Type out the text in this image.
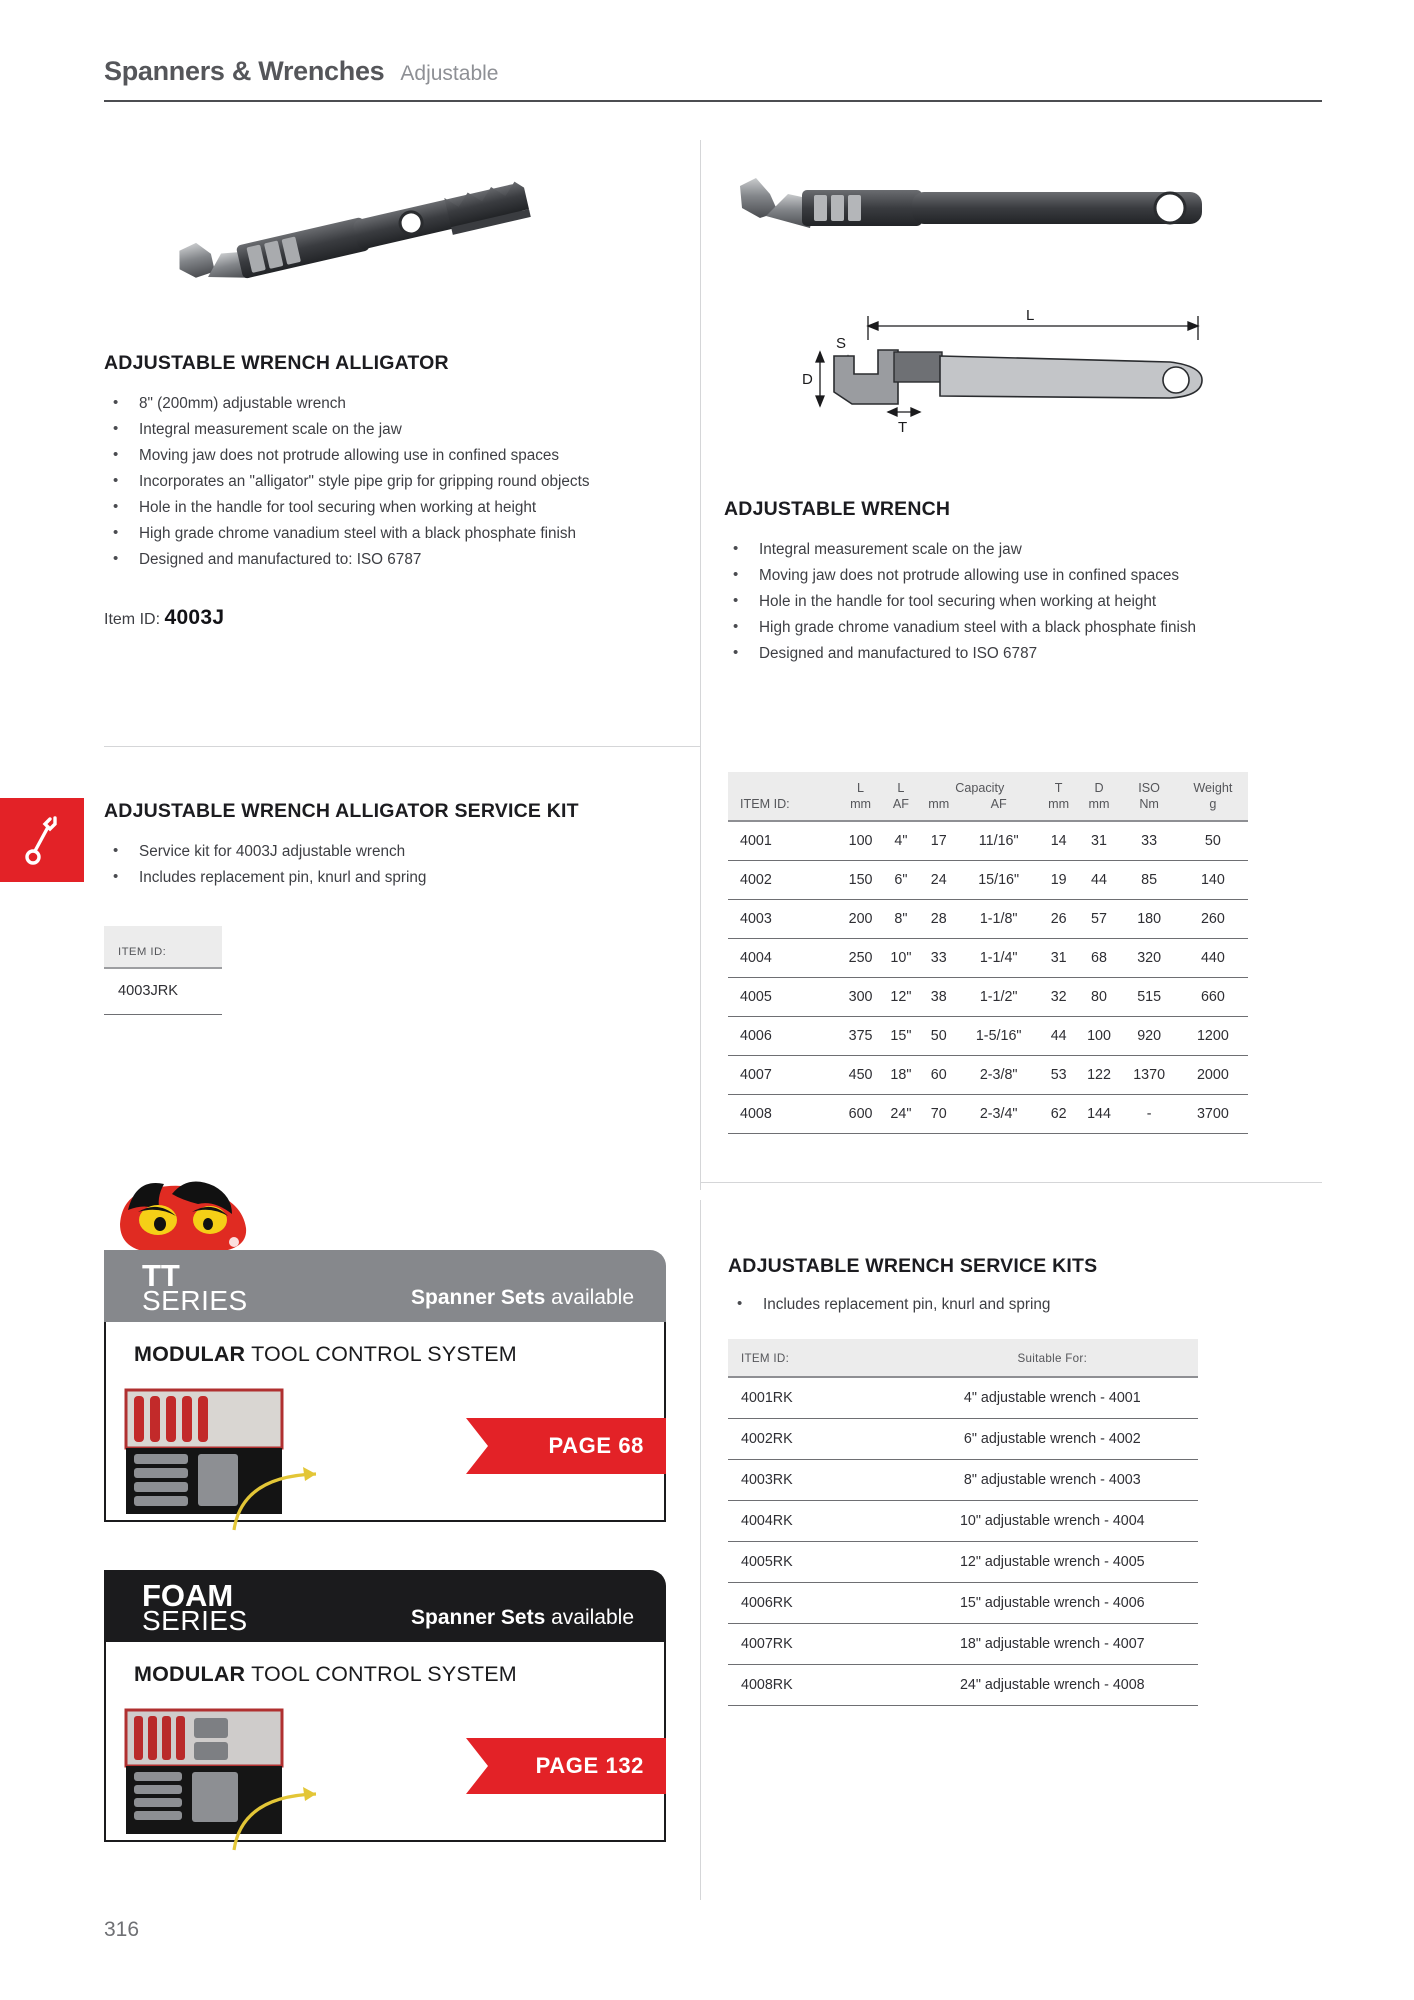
Spanners & Wrenches Adjustable
L
D
S
T
ADJUSTABLE WRENCH ALLIGATOR
• 8" (200mm) adjustable wrench
• Integral measurement scale on the jaw
• Moving jaw does not protrude allowing use in confined spaces
• Incorporates an "alligator" style pipe grip for gripping round objects
• Hole in the handle for tool securing when working at height
• High grade chrome vanadium steel with a black phosphate finish
• Designed and manufactured to: ISO 6787
Item ID: 4003J
ADJUSTABLE WRENCH ALLIGATOR SERVICE KIT
• Service kit for 4003J adjustable wrench
• Includes replacement pin, knurl and spring
ITEM ID:
4003JRK
ADJUSTABLE WRENCH
• Integral measurement scale on the jaw
• Moving jaw does not protrude allowing use in confined spaces
• Hole in the handle for tool securing when working at height
• High grade chrome vanadium steel with a black phosphate finish
• Designed and manufactured to ISO 6787
	L	L	Capacity		T	D	ISO	Weight
ITEM ID:	mm	AF	mm	AF	mm	mm	Nm	g
4001	100	4"	17	11/16"	14	31	33	50
4002	150	6"	24	15/16"	19	44	85	140
4003	200	8"	28	1-1/8"	26	57	180	260
4004	250	10"	33	1-1/4"	31	68	320	440
4005	300	12"	38	1-1/2"	32	80	515	660
4006	375	15"	50	1-5/16"	44	100	920	1200
4007	450	18"	60	2-3/8"	53	122	1370	2000
4008	600	24"	70	2-3/4"	62	144	-	3700
ADJUSTABLE WRENCH SERVICE KITS
• Includes replacement pin, knurl and spring
ITEM ID:	Suitable For:
4001RK	4" adjustable wrench - 4001
4002RK	6" adjustable wrench - 4002
4003RK	8" adjustable wrench - 4003
4004RK	10" adjustable wrench - 4004
4005RK	12" adjustable wrench - 4005
4006RK	15" adjustable wrench - 4006
4007RK	18" adjustable wrench - 4007
4008RK	24" adjustable wrench - 4008
TT
SERIES	Spanner Sets available
MODULAR TOOL CONTROL SYSTEM
PAGE 68
FOAM
SERIES	Spanner Sets available
MODULAR TOOL CONTROL SYSTEM
PAGE 132
316
